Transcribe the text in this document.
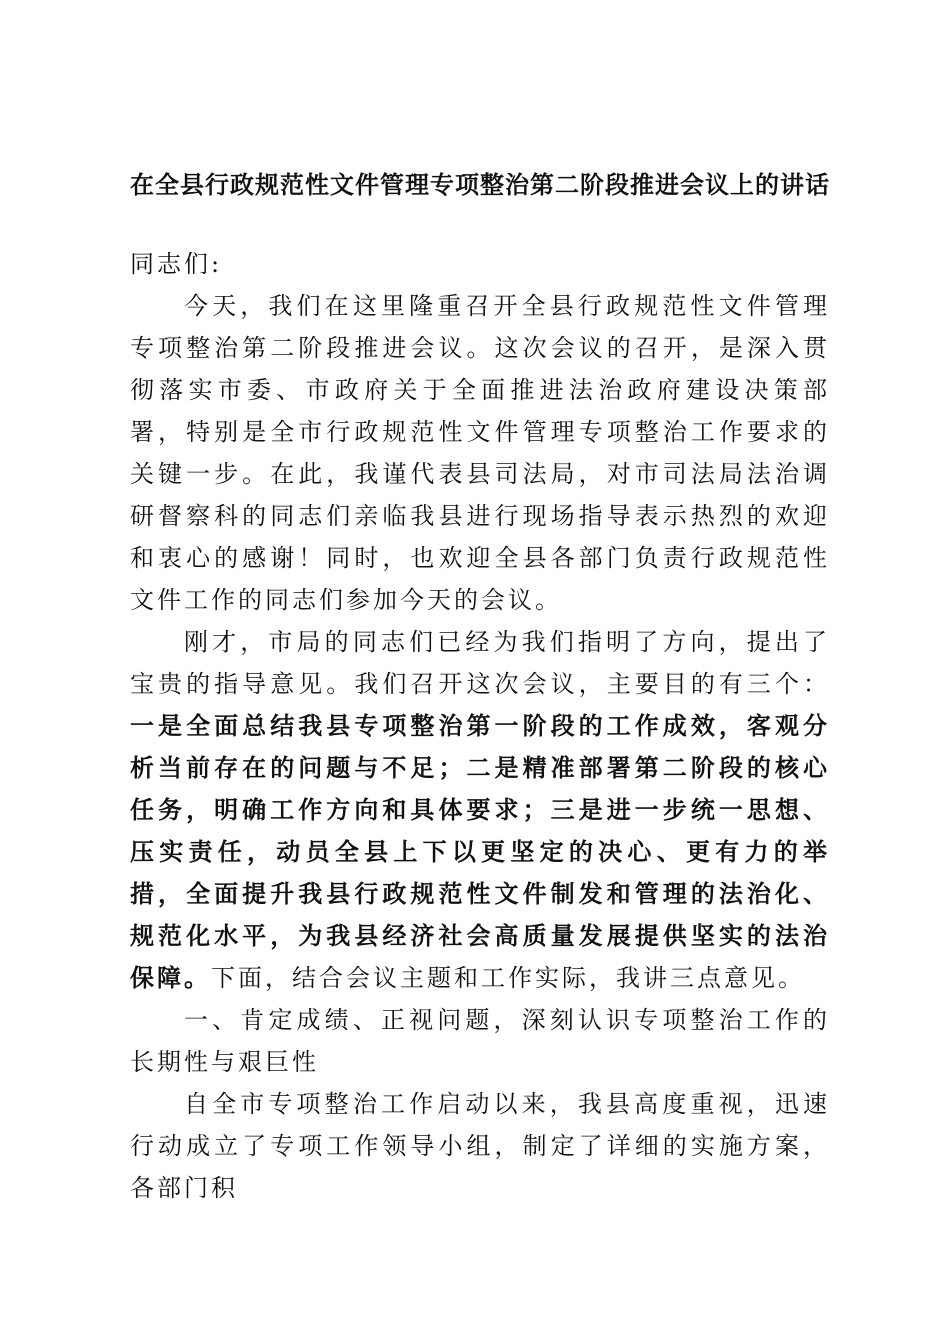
在全县行政规范性文件管理专项整治第二阶段推进会议上的讲话

同志们:

今天，我们在这里隆重召开全县行政规范性文件管理专项整治第二阶段推进会议。这次会议的召开，是深入贯彻落实市委、市政府关于全面推进法治政府建设决策部署，特别是全市行政规范性文件管理专项整治工作要求的关键一步。在此，我谨代表县司法局，对市司法局法治调研督察科的同志们亲临我县进行现场指导表示热烈的欢迎和衷心的感谢！同时，也欢迎全县各部门负责行政规范性文件工作的同志们参加今天的会议。

刚才，市局的同志们已经为我们指明了方向，提出了宝贵的指导意见。我们召开这次会议，主要目的有三个：一是全面总结我县专项整治第一阶段的工作成效，客观分析当前存在的问题与不足；二是精准部署第二阶段的核心任务，明确工作方向和具体要求；三是进一步统一思想、压实责任，动员全县上下以更坚定的决心、更有力的举措，全面提升我县行政规范性文件制发和管理的法治化、规范化水平，为我县经济社会高质量发展提供坚实的法治保障。下面，结合会议主题和工作实际，我讲三点意见。

一、肯定成绩、正视问题，深刻认识专项整治工作的长期性与艰巨性

自全市专项整治工作启动以来，我县高度重视，迅速行动成立了专项工作领导小组，制定了详细的实施方案，各部门积
